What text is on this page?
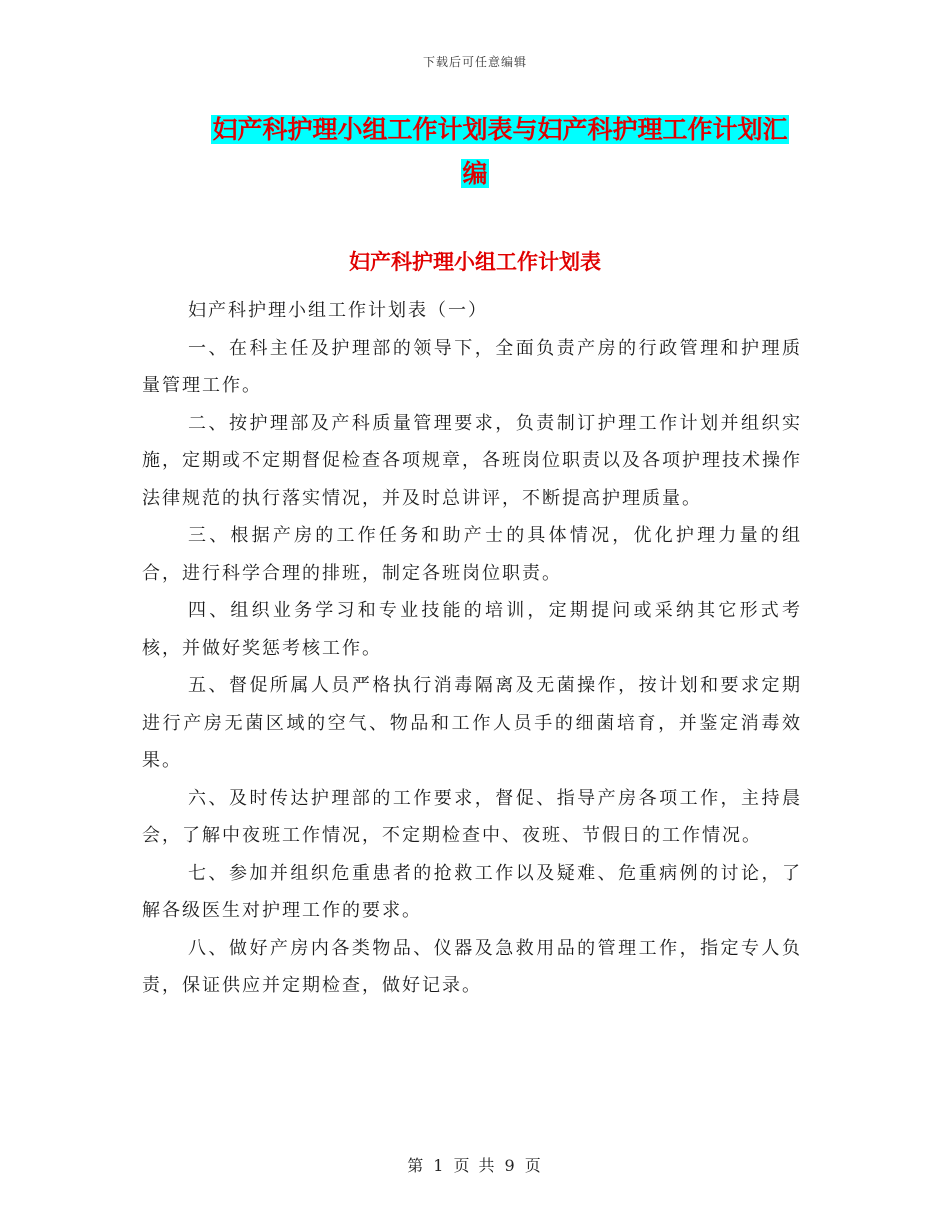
下载后可任意编辑
妇产科护理小组工作计划表与妇产科护理工作计划汇
编
妇产科护理小组工作计划表

妇产科护理小组工作计划表（一）

一、在科主任及护理部的领导下，全面负责产房的行政管理和护理质量管理工作。

二、按护理部及产科质量管理要求，负责制订护理工作计划并组织实施，定期或不定期督促检查各项规章，各班岗位职责以及各项护理技术操作法律规范的执行落实情况，并及时总讲评，不断提高护理质量。

三、根据产房的工作任务和助产士的具体情况，优化护理力量的组合，进行科学合理的排班，制定各班岗位职责。

四、组织业务学习和专业技能的培训，定期提问或采纳其它形式考核，并做好奖惩考核工作。

五、督促所属人员严格执行消毒隔离及无菌操作，按计划和要求定期进行产房无菌区域的空气、物品和工作人员手的细菌培育，并鉴定消毒效果。

六、及时传达护理部的工作要求，督促、指导产房各项工作，主持晨会，了解中夜班工作情况，不定期检查中、夜班、节假日的工作情况。

七、参加并组织危重患者的抢救工作以及疑难、危重病例的讨论，了解各级医生对护理工作的要求。

八、做好产房内各类物品、仪器及急救用品的管理工作，指定专人负责，保证供应并定期检查，做好记录。

第 1 页 共 9 页
